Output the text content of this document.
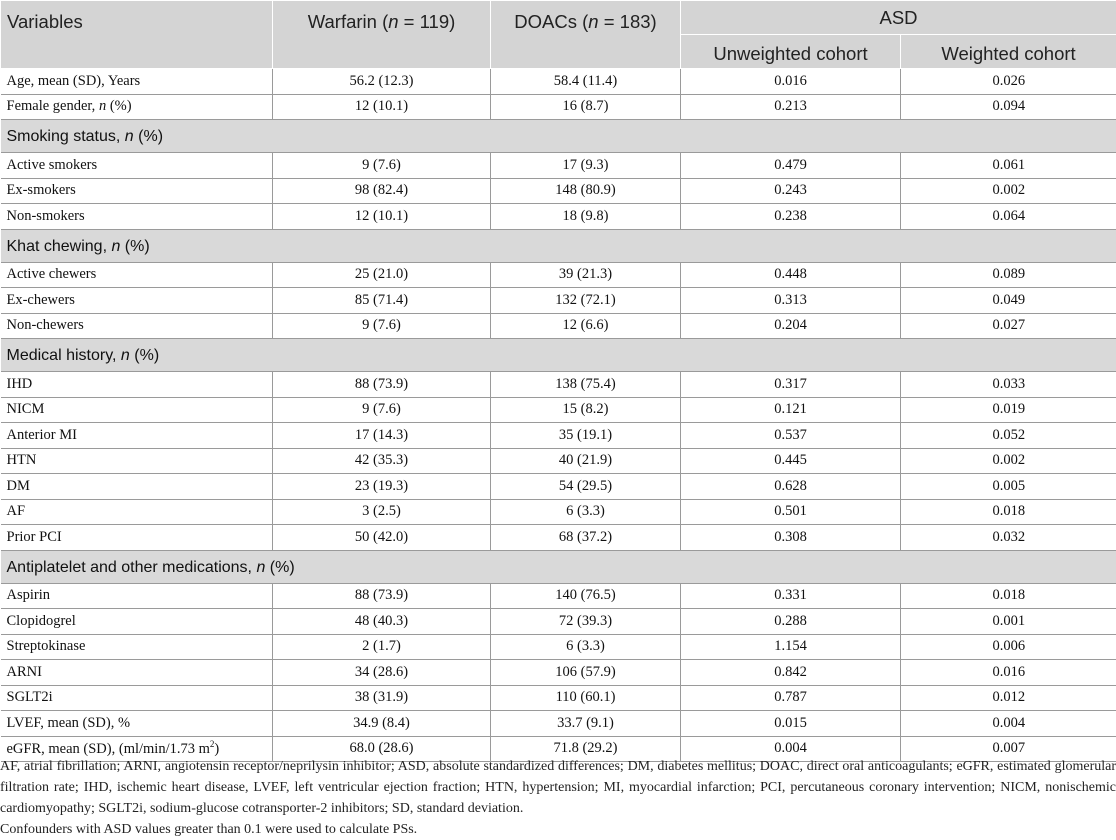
Variables	Warfarin (n = 119)	DOACs (n = 183)	ASD	
			Unweighted cohort	Weighted cohort
Age, mean (SD), Years	56.2 (12.3)	58.4 (11.4)	0.016	0.026
Female gender, n (%)	12 (10.1)	16 (8.7)	0.213	0.094
Smoking status, n (%)				
Active smokers	9 (7.6)	17 (9.3)	0.479	0.061
Ex-smokers	98 (82.4)	148 (80.9)	0.243	0.002
Non-smokers	12 (10.1)	18 (9.8)	0.238	0.064
Khat chewing, n (%)				
Active chewers	25 (21.0)	39 (21.3)	0.448	0.089
Ex-chewers	85 (71.4)	132 (72.1)	0.313	0.049
Non-chewers	9 (7.6)	12 (6.6)	0.204	0.027
Medical history, n (%)				
IHD	88 (73.9)	138 (75.4)	0.317	0.033
NICM	9 (7.6)	15 (8.2)	0.121	0.019
Anterior MI	17 (14.3)	35 (19.1)	0.537	0.052
HTN	42 (35.3)	40 (21.9)	0.445	0.002
DM	23 (19.3)	54 (29.5)	0.628	0.005
AF	3 (2.5)	6 (3.3)	0.501	0.018
Prior PCI	50 (42.0)	68 (37.2)	0.308	0.032
Antiplatelet and other medications, n (%)				
Aspirin	88 (73.9)	140 (76.5)	0.331	0.018
Clopidogrel	48 (40.3)	72 (39.3)	0.288	0.001
Streptokinase	2 (1.7)	6 (3.3)	1.154	0.006
ARNI	34 (28.6)	106 (57.9)	0.842	0.016
SGLT2i	38 (31.9)	110 (60.1)	0.787	0.012
LVEF, mean (SD), %	34.9 (8.4)	33.7 (9.1)	0.015	0.004
eGFR, mean (SD), (ml/min/1.73 $m^2$)	68.0 (28.6)	71.8 (29.2)	0.004	0.007

AF, atrial fibrillation; ARNI, angiotensin receptor/neprilysin inhibitor; ASD, absolute standardized differences; DM, diabetes mellitus; DOAC, direct oral anticoagulants; eGFR, estimated glomerular filtration rate; IHD, ischemic heart disease, LVEF, left ventricular ejection fraction; HTN, hypertension; MI, myocardial infarction; PCI, percutaneous coronary intervention; NICM, nonischemic cardiomyopathy; SGLT2i, sodium-glucose cotransporter-2 inhibitors; SD, standard deviation.

Confounders with ASD values greater than 0.1 were used to calculate PSs.
